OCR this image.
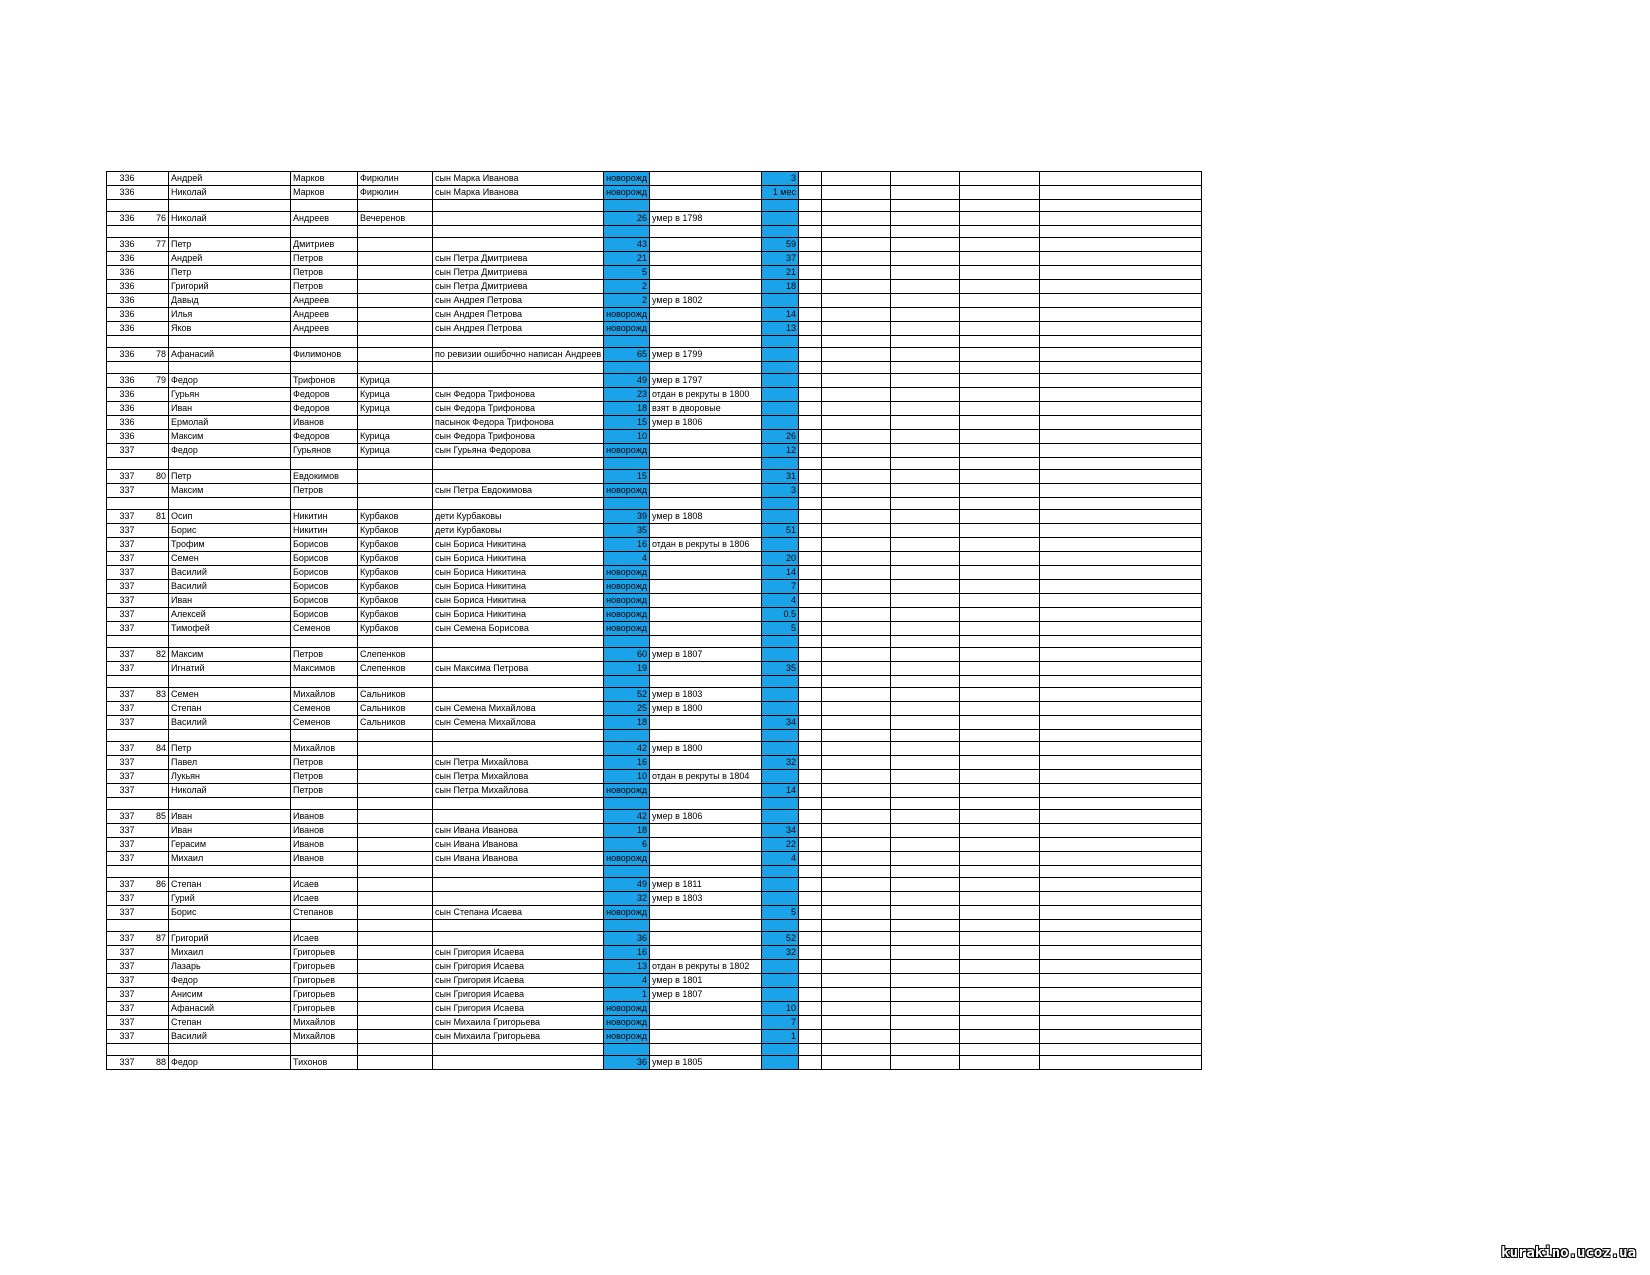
336		Андрей	Марков	Фирюлин	сын Марка Иванова	новорожд		3					
336		Николай	Марков	Фирюлин	сын Марка Иванова	новорожд		1 мес					

336	76	Николай	Андреев	Вечеренов		26	умер в 1798						

336	77	Петр	Дмитриев			43		59					
336		Андрей	Петров		сын Петра Дмитриева	21		37					
336		Петр	Петров		сын Петра Дмитриева	5		21					
336		Григорий	Петров		сын Петра Дмитриева	2		18					
336		Давыд	Андреев		сын Андрея Петрова	2	умер в 1802						
336		Илья	Андреев		сын Андрея Петрова	новорожд		14					
336		Яков	Андреев		сын Андрея Петрова	новорожд		13					

336	78	Афанасий	Филимонов		по ревизии ошибочно написан Андреев	65	умер в 1799						

336	79	Федор	Трифонов	Курица		49	умер в 1797						
336		Гурьян	Федоров	Курица	сын Федора Трифонова	23	отдан в рекруты в 1800						
336		Иван	Федоров	Курица	сын Федора Трифонова	18	взят в дворовые						
336		Ермолай	Иванов		пасынок Федора Трифонова	15	умер в 1806						
336		Максим	Федоров	Курица	сын Федора Трифонова	10		26					
337		Федор	Гурьянов	Курица	сын Гурьяна Федорова	новорожд		12					

337	80	Петр	Евдокимов			15		31					
337		Максим	Петров		сын Петра Евдокимова	новорожд		3					

337	81	Осип	Никитин	Курбаков	дети Курбаковы	39	умер в 1808						
337		Борис	Никитин	Курбаков	дети Курбаковы	35		51					
337		Трофим	Борисов	Курбаков	сын Бориса Никитина	16	отдан в рекруты в 1806						
337		Семен	Борисов	Курбаков	сын Бориса Никитина	4		20					
337		Василий	Борисов	Курбаков	сын Бориса Никитина	новорожд		14					
337		Василий	Борисов	Курбаков	сын Бориса Никитина	новорожд		7					
337		Иван	Борисов	Курбаков	сын Бориса Никитина	новорожд		4					
337		Алексей	Борисов	Курбаков	сын Бориса Никитина	новорожд		0.5					
337		Тимофей	Семенов	Курбаков	сын Семена Борисова	новорожд		5					

337	82	Максим	Петров	Слепенков		60	умер в 1807						
337		Игнатий	Максимов	Слепенков	сын Максима Петрова	19		35					

337	83	Семен	Михайлов	Сальников		52	умер в 1803						
337		Степан	Семенов	Сальников	сын Семена Михайлова	25	умер в 1800						
337		Василий	Семенов	Сальников	сын Семена Михайлова	18		34					

337	84	Петр	Михайлов			42	умер в 1800						
337		Павел	Петров		сын Петра Михайлова	16		32					
337		Лукьян	Петров		сын Петра Михайлова	10	отдан в рекруты в 1804						
337		Николай	Петров		сын Петра Михайлова	новорожд		14					

337	85	Иван	Иванов			42	умер в 1806						
337		Иван	Иванов		сын Ивана Иванова	18		34					
337		Герасим	Иванов		сын Ивана Иванова	6		22					
337		Михаил	Иванов		сын Ивана Иванова	новорожд		4					

337	86	Степан	Исаев			49	умер в 1811						
337		Гурий	Исаев			32	умер в 1803						
337		Борис	Степанов		сын Степана Исаева	новорожд		5					

337	87	Григорий	Исаев			36		52					
337		Михаил	Григорьев		сын Григория Исаева	16		32					
337		Лазарь	Григорьев		сын Григория Исаева	13	отдан в рекруты в 1802						
337		Федор	Григорьев		сын Григория Исаева	4	умер в 1801						
337		Анисим	Григорьев		сын Григория Исаева	1	умер в 1807						
337		Афанасий	Григорьев		сын Григория Исаева	новорожд		10					
337		Степан	Михайлов		сын Михаила Григорьева	новорожд		7					
337		Василий	Михайлов		сын Михаила Григорьева	новорожд		1					

337	88	Федор	Тихонов			36	умер в 1805						
kurakino.ucoz.ua
